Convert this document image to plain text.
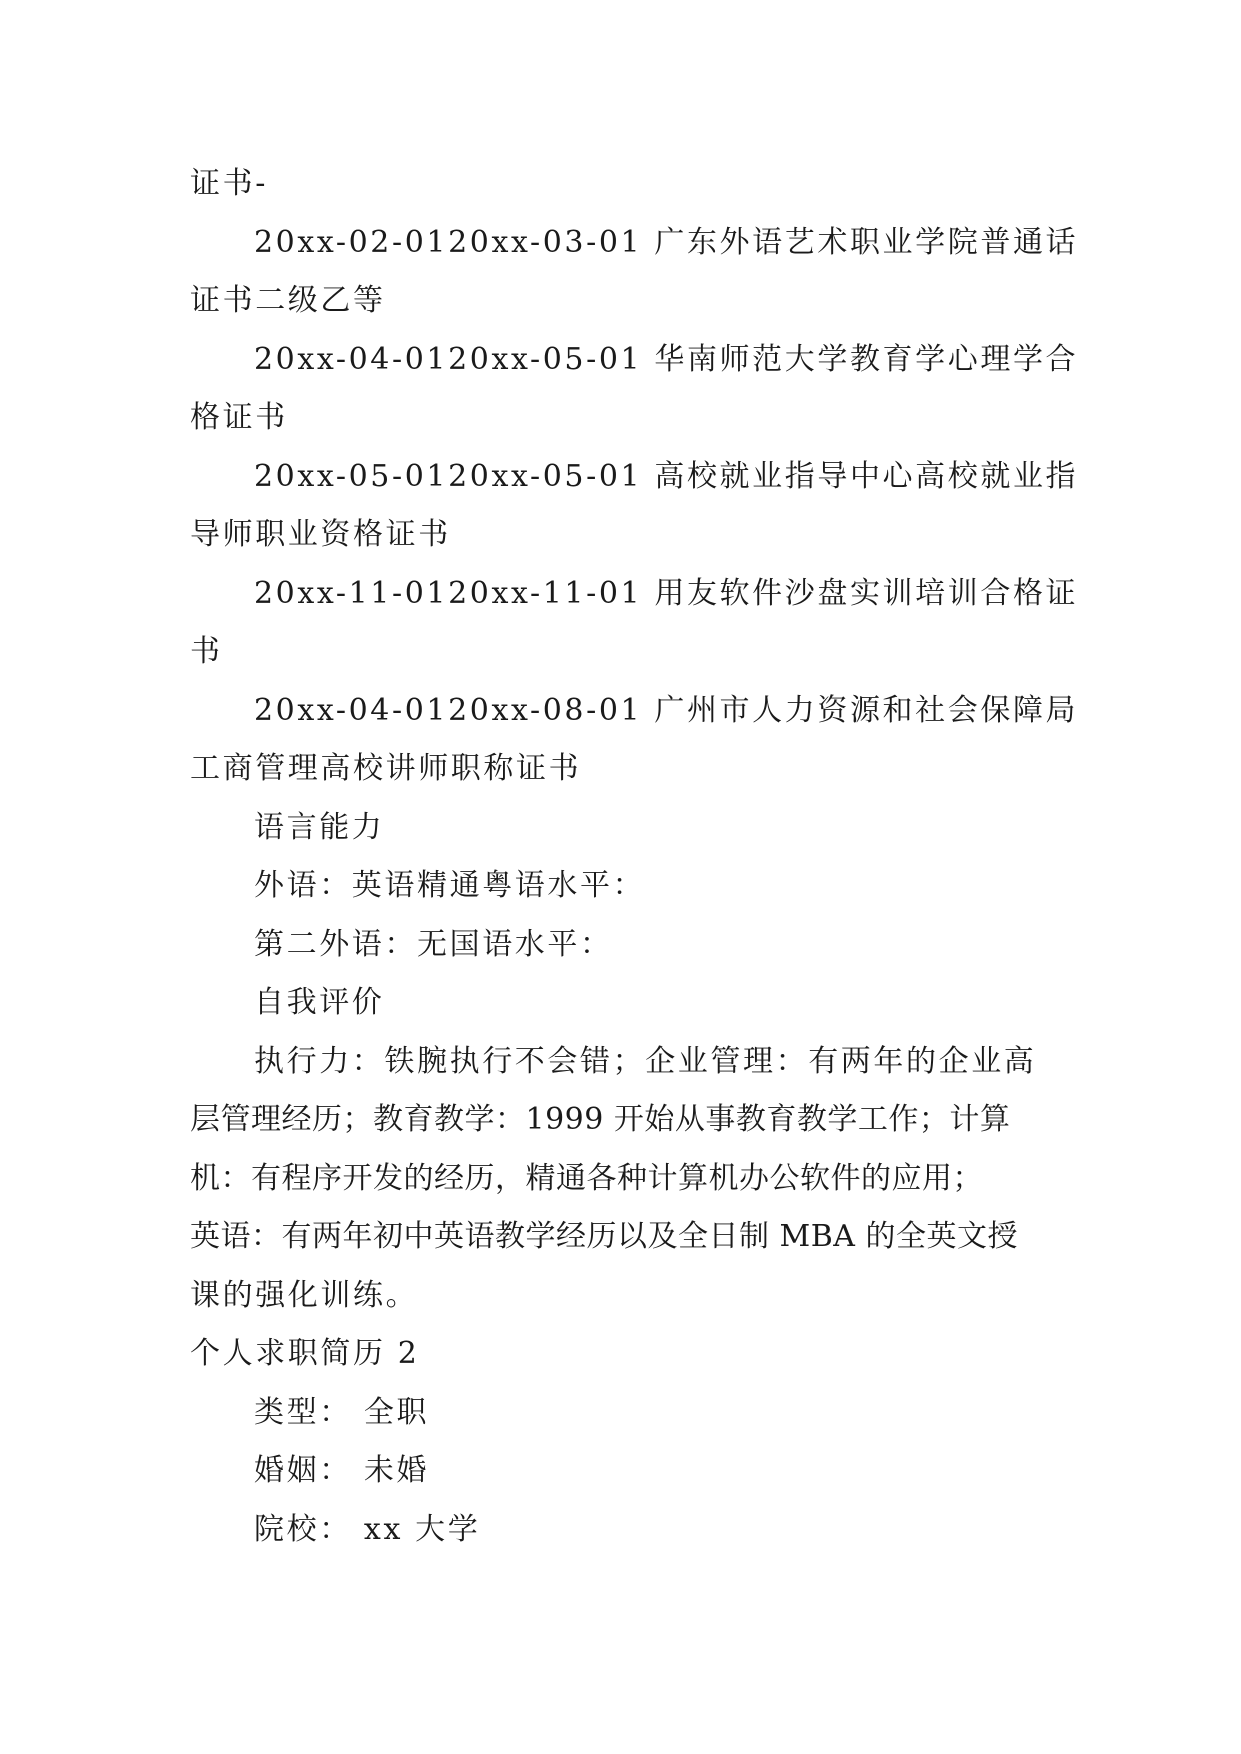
证书-
20xx-02-0120xx-03-01 广东外语艺术职业学院普通话
证书二级乙等
20xx-04-0120xx-05-01 华南师范大学教育学心理学合
格证书
20xx-05-0120xx-05-01 高校就业指导中心高校就业指
导师职业资格证书
20xx-11-0120xx-11-01 用友软件沙盘实训培训合格证
书
20xx-04-0120xx-08-01 广州市人力资源和社会保障局
工商管理高校讲师职称证书
语言能力
外语：英语精通粤语水平：
第二外语：无国语水平：
自我评价
执行力：铁腕执行不会错；企业管理：有两年的企业高
层管理经历；教育教学：1999 开始从事教育教学工作；计算
机：有程序开发的经历，精通各种计算机办公软件的应用；
英语：有两年初中英语教学经历以及全日制 MBA 的全英文授
课的强化训练。
个人求职简历 2
类型： 全职
婚姻： 未婚
院校： xx 大学
